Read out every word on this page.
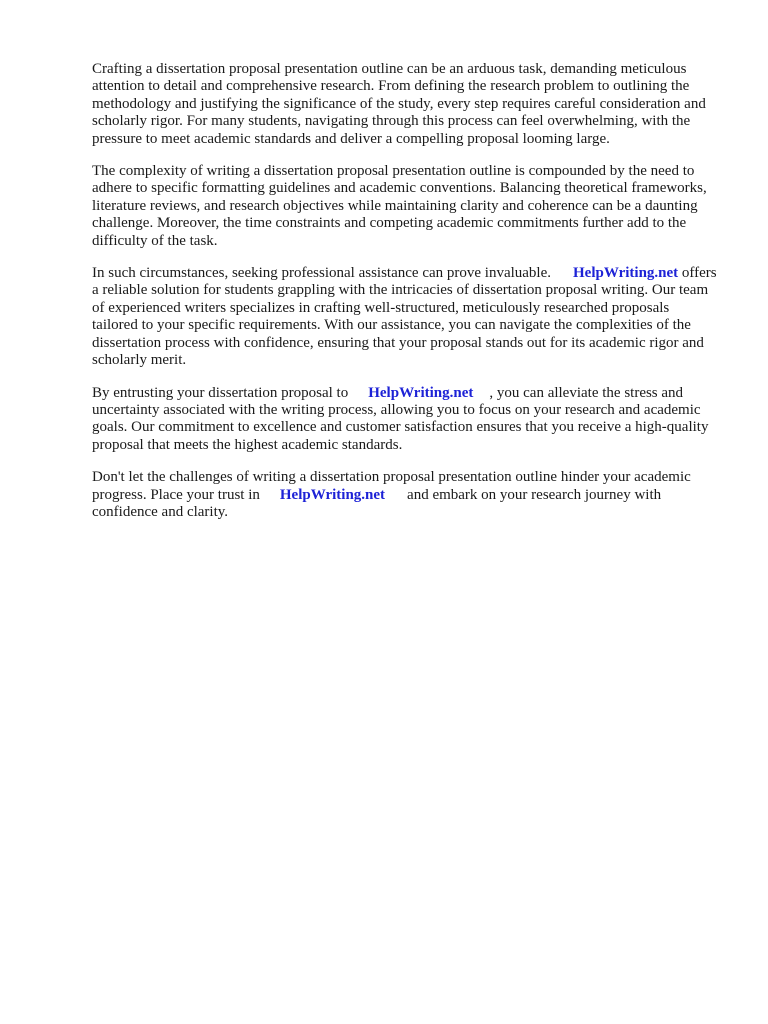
Crafting a dissertation proposal presentation outline can be an arduous task, demanding meticulous attention to detail and comprehensive research. From defining the research problem to outlining the methodology and justifying the significance of the study, every step requires careful consideration and scholarly rigor. For many students, navigating through this process can feel overwhelming, with the pressure to meet academic standards and deliver a compelling proposal looming large.

The complexity of writing a dissertation proposal presentation outline is compounded by the need to adhere to specific formatting guidelines and academic conventions. Balancing theoretical frameworks, literature reviews, and research objectives while maintaining clarity and coherence can be a daunting challenge. Moreover, the time constraints and competing academic commitments further add to the difficulty of the task.

In such circumstances, seeking professional assistance can prove invaluable. HelpWriting.net offers a reliable solution for students grappling with the intricacies of dissertation proposal writing. Our team of experienced writers specializes in crafting well-structured, meticulously researched proposals tailored to your specific requirements. With our assistance, you can navigate the complexities of the dissertation process with confidence, ensuring that your proposal stands out for its academic rigor and scholarly merit.

By entrusting your dissertation proposal to HelpWriting.net , you can alleviate the stress and uncertainty associated with the writing process, allowing you to focus on your research and academic goals. Our commitment to excellence and customer satisfaction ensures that you receive a high-quality proposal that meets the highest academic standards.

Don't let the challenges of writing a dissertation proposal presentation outline hinder your academic progress. Place your trust in HelpWriting.net and embark on your research journey with confidence and clarity.
